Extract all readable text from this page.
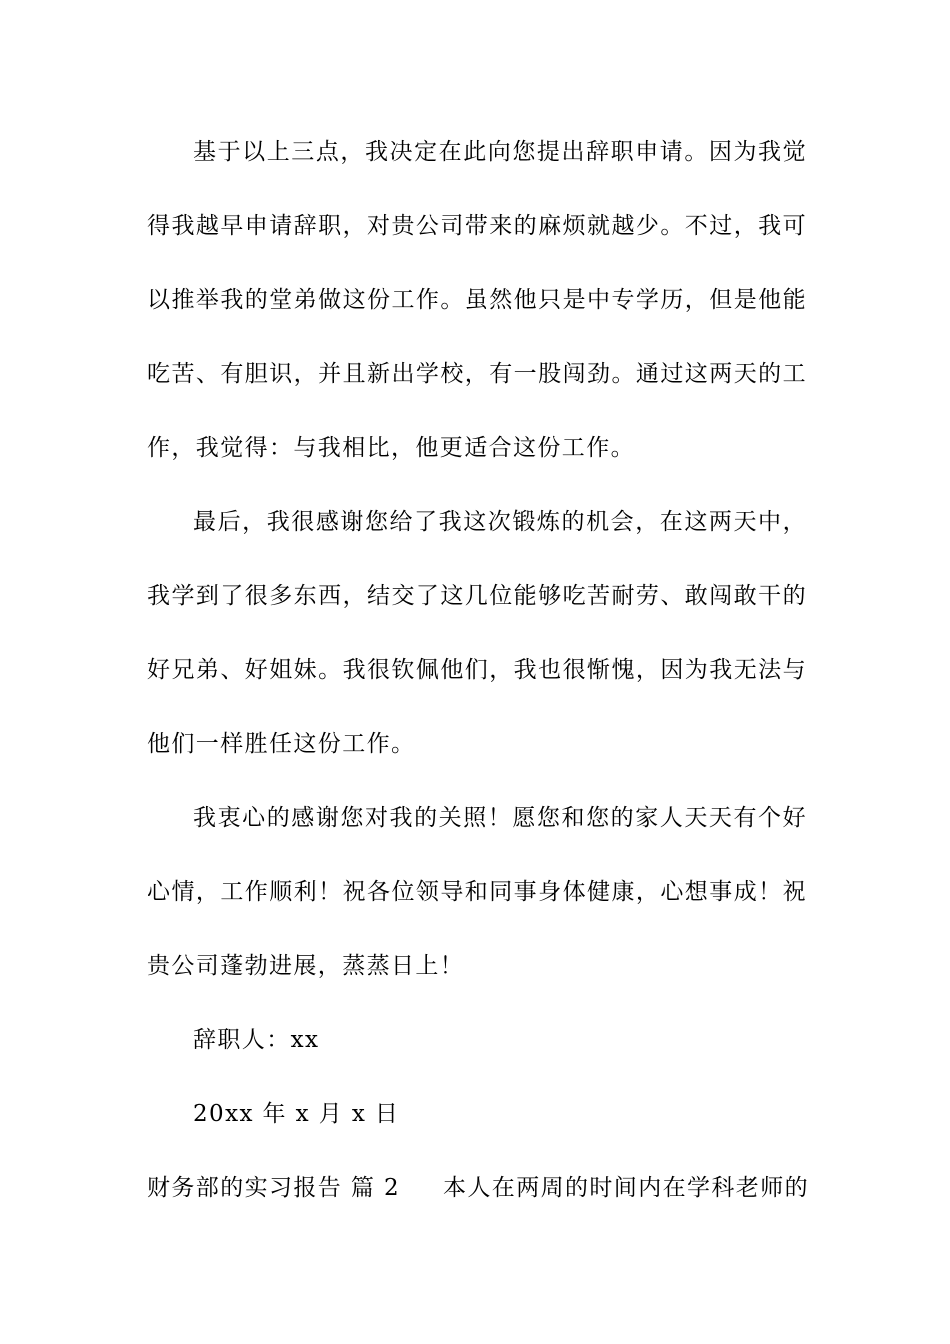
基于以上三点，我决定在此向您提出辞职申请。因为我觉
得我越早申请辞职，对贵公司带来的麻烦就越少。不过，我可
以推举我的堂弟做这份工作。虽然他只是中专学历，但是他能
吃苦、有胆识，并且新出学校，有一股闯劲。通过这两天的工
作，我觉得：与我相比，他更适合这份工作。
最后，我很感谢您给了我这次锻炼的机会，在这两天中，
我学到了很多东西，结交了这几位能够吃苦耐劳、敢闯敢干的
好兄弟、好姐妹。我很钦佩他们，我也很惭愧，因为我无法与
他们一样胜任这份工作。
我衷心的感谢您对我的关照！愿您和您的家人天天有个好
心情，工作顺利！祝各位领导和同事身体健康，心想事成！祝
贵公司蓬勃进展，蒸蒸日上！
辞职人：xx
20xx 年 x 月 x 日
财务部的实习报告 篇 2 本人在两周的时间内在学科老师的
